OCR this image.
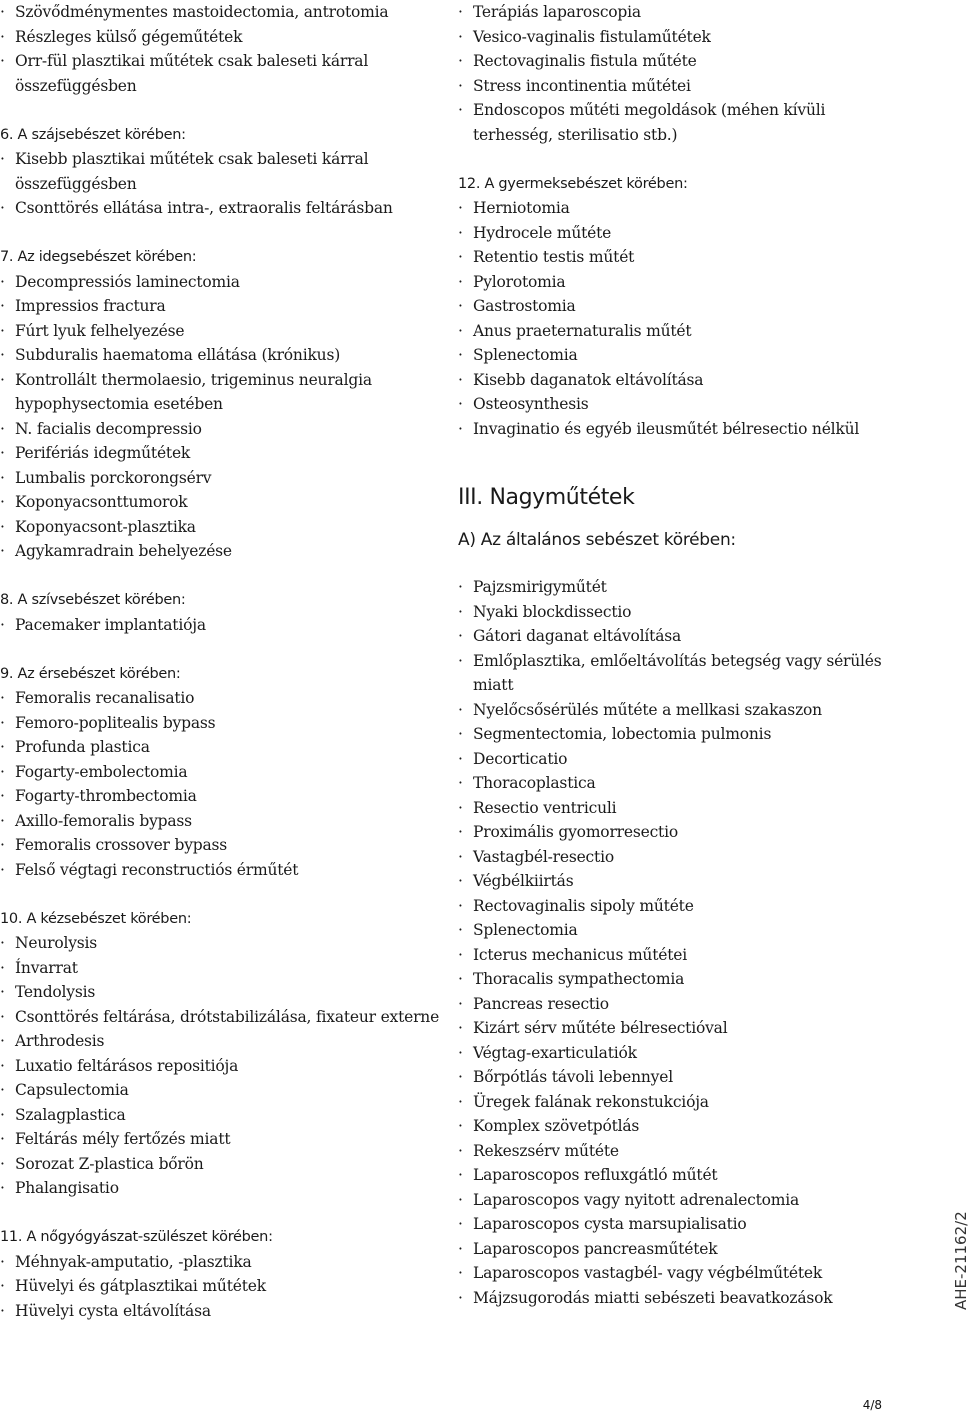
· Szövődménymentes mastoidectomia, antrotomia
· Részleges külső gégeműtétek
· Orr-fül plasztikai műtétek csak baleseti kárral
összefüggésben
6. A szájsebészet körében:
· Kisebb plasztikai műtétek csak baleseti kárral
összefüggésben
· Csonttörés ellátása intra-, extraoralis feltárásban
7. Az idegsebészet körében:
· Decompressiós laminectomia
· Impressios fractura
· Fúrt lyuk felhelyezése
· Subduralis haematoma ellátása (krónikus)
· Kontrollált thermolaesio, trigeminus neuralgia
hypophysectomia esetében
· N. facialis decompressio
· Perifériás idegműtétek
· Lumbalis porckorongsérv
· Koponyacsonttumorok
· Koponyacsont-plasztika
· Agykamradrain behelyezése
8. A szívsebészet körében:
· Pacemaker implantatiója
9. Az érsebészet körében:
· Femoralis recanalisatio
· Femoro-poplitealis bypass
· Profunda plastica
· Fogarty-embolectomia
· Fogarty-thrombectomia
· Axillo-femoralis bypass
· Femoralis crossover bypass
· Felső végtagi reconstructiós érműtét
10. A kézsebészet körében:
· Neurolysis
· Ínvarrat
· Tendolysis
· Csonttörés feltárása, drótstabilizálása, fixateur externe
· Arthrodesis
· Luxatio feltárásos repositiója
· Capsulectomia
· Szalagplastica
· Feltárás mély fertőzés miatt
· Sorozat Z-plastica bőrön
· Phalangisatio
11. A nőgyógyászat-szülészet körében:
· Méhnyak-amputatio, -plasztika
· Hüvelyi és gátplasztikai műtétek
· Hüvelyi cysta eltávolítása
· Terápiás laparoscopia
· Vesico-vaginalis fistulaműtétek
· Rectovaginalis fistula műtéte
· Stress incontinentia műtétei
· Endoscopos műtéti megoldások (méhen kívüli
terhesség, sterilisatio stb.)
12. A gyermeksebészet körében:
· Herniotomia
· Hydrocele műtéte
· Retentio testis műtét
· Pylorotomia
· Gastrostomia
· Anus praeternaturalis műtét
· Splenectomia
· Kisebb daganatok eltávolítása
· Osteosynthesis
· Invaginatio és egyéb ileusműtét bélresectio nélkül
III. Nagyműtétek
A) Az általános sebészet körében:
· Pajzsmirigyműtét
· Nyaki blockdissectio
· Gátori daganat eltávolítása
· Emlőplasztika, emlőeltávolítás betegség vagy sérülés
miatt
· Nyelőcsősérülés műtéte a mellkasi szakaszon
· Segmentectomia, lobectomia pulmonis
· Decorticatio
· Thoracoplastica
· Resectio ventriculi
· Proximális gyomorresectio
· Vastagbél-resectio
· Végbélkiirtás
· Rectovaginalis sipoly műtéte
· Splenectomia
· Icterus mechanicus műtétei
· Thoracalis sympathectomia
· Pancreas resectio
· Kizárt sérv műtéte bélresectióval
· Végtag-exarticulatiók
· Bőrpótlás távoli lebennyel
· Üregek falának rekonstukciója
· Komplex szövetpótlás
· Rekeszsérv műtéte
· Laparoscopos refluxgátló műtét
· Laparoscopos vagy nyitott adrenalectomia
· Laparoscopos cysta marsupialisatio
· Laparoscopos pancreasműtétek
· Laparoscopos vastagbél- vagy végbélműtétek
· Májzsugorodás miatti sebészeti beavatkozások	AHE-21162/2
4/8
